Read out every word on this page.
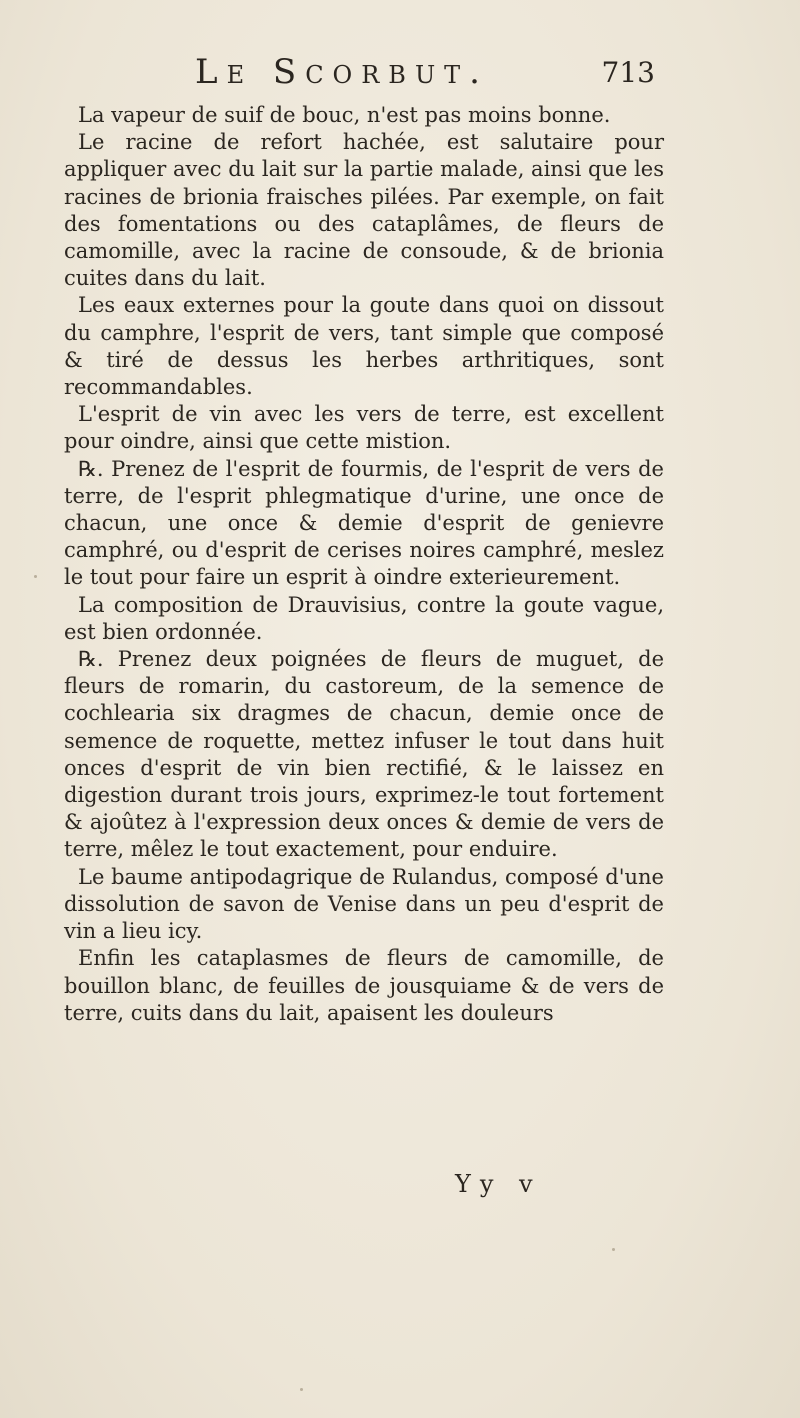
Le Scorbut.	713

La vapeur de suif de bouc, n'est pas moins bonne.

Le racine de refort hachée, est salutaire pour appliquer avec du lait sur la partie malade, ainsi que les racines de brionia fraisches pilées. Par exemple, on fait des fomentations ou des cataplâmes, de fleurs de camomille, avec la racine de consoude, & de brionia cuites dans du lait.

Les eaux externes pour la goute dans quoi on dissout du camphre, l'esprit de vers, tant simple que composé & tiré de dessus les herbes arthritiques, sont recommandables.

L'esprit de vin avec les vers de terre, est excellent pour oindre, ainsi que cette mistion.

℞. Prenez de l'esprit de fourmis, de l'esprit de vers de terre, de l'esprit phlegmatique d'urine, une once de chacun, une once & demie d'esprit de genievre camphré, ou d'esprit de cerises noires camphré, meslez le tout pour faire un esprit à oindre exterieurement.

La composition de Drauvisius, contre la goute vague, est bien ordonnée.

℞. Prenez deux poignées de fleurs de muguet, de fleurs de romarin, du castoreum, de la semence de cochlearia six dragmes de chacun, demie once de semence de roquette, mettez infuser le tout dans huit onces d'esprit de vin bien rectifié, & le laissez en digestion durant trois jours, exprimez-le tout fortement & ajoûtez à l'expression deux onces & demie de vers de terre, mêlez le tout exactement, pour enduire.

Le baume antipodagrique de Rulandus, composé d'une dissolution de savon de Venise dans un peu d'esprit de vin a lieu icy.

Enfin les cataplasmes de fleurs de camomille, de bouillon blanc, de feuilles de jousquiame & de vers de terre, cuits dans du lait, apaisent les douleurs

Yy v
